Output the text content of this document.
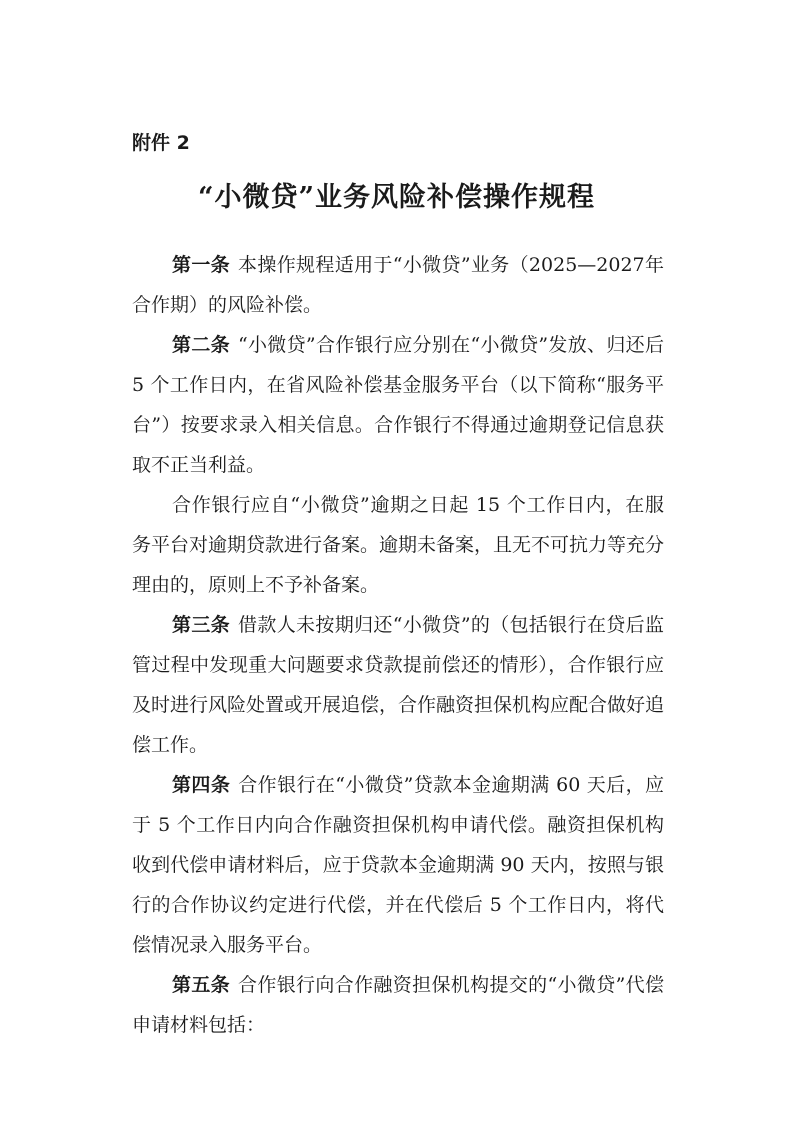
附件 2
“小微贷”业务风险补偿操作规程

第一条 本操作规程适用于“小微贷”业务（2025—2027年合作期）的风险补偿。

第二条 “小微贷”合作银行应分别在“小微贷”发放、归还后 5 个工作日内，在省风险补偿基金服务平台（以下简称“服务平台”）按要求录入相关信息。合作银行不得通过逾期登记信息获取不正当利益。

合作银行应自“小微贷”逾期之日起 15 个工作日内，在服务平台对逾期贷款进行备案。逾期未备案，且无不可抗力等充分理由的，原则上不予补备案。

第三条 借款人未按期归还“小微贷”的（包括银行在贷后监管过程中发现重大问题要求贷款提前偿还的情形），合作银行应及时进行风险处置或开展追偿，合作融资担保机构应配合做好追偿工作。

第四条 合作银行在“小微贷”贷款本金逾期满 60 天后，应于 5 个工作日内向合作融资担保机构申请代偿。融资担保机构收到代偿申请材料后，应于贷款本金逾期满 90 天内，按照与银行的合作协议约定进行代偿，并在代偿后 5 个工作日内，将代偿情况录入服务平台。

第五条 合作银行向合作融资担保机构提交的“小微贷”代偿申请材料包括：
